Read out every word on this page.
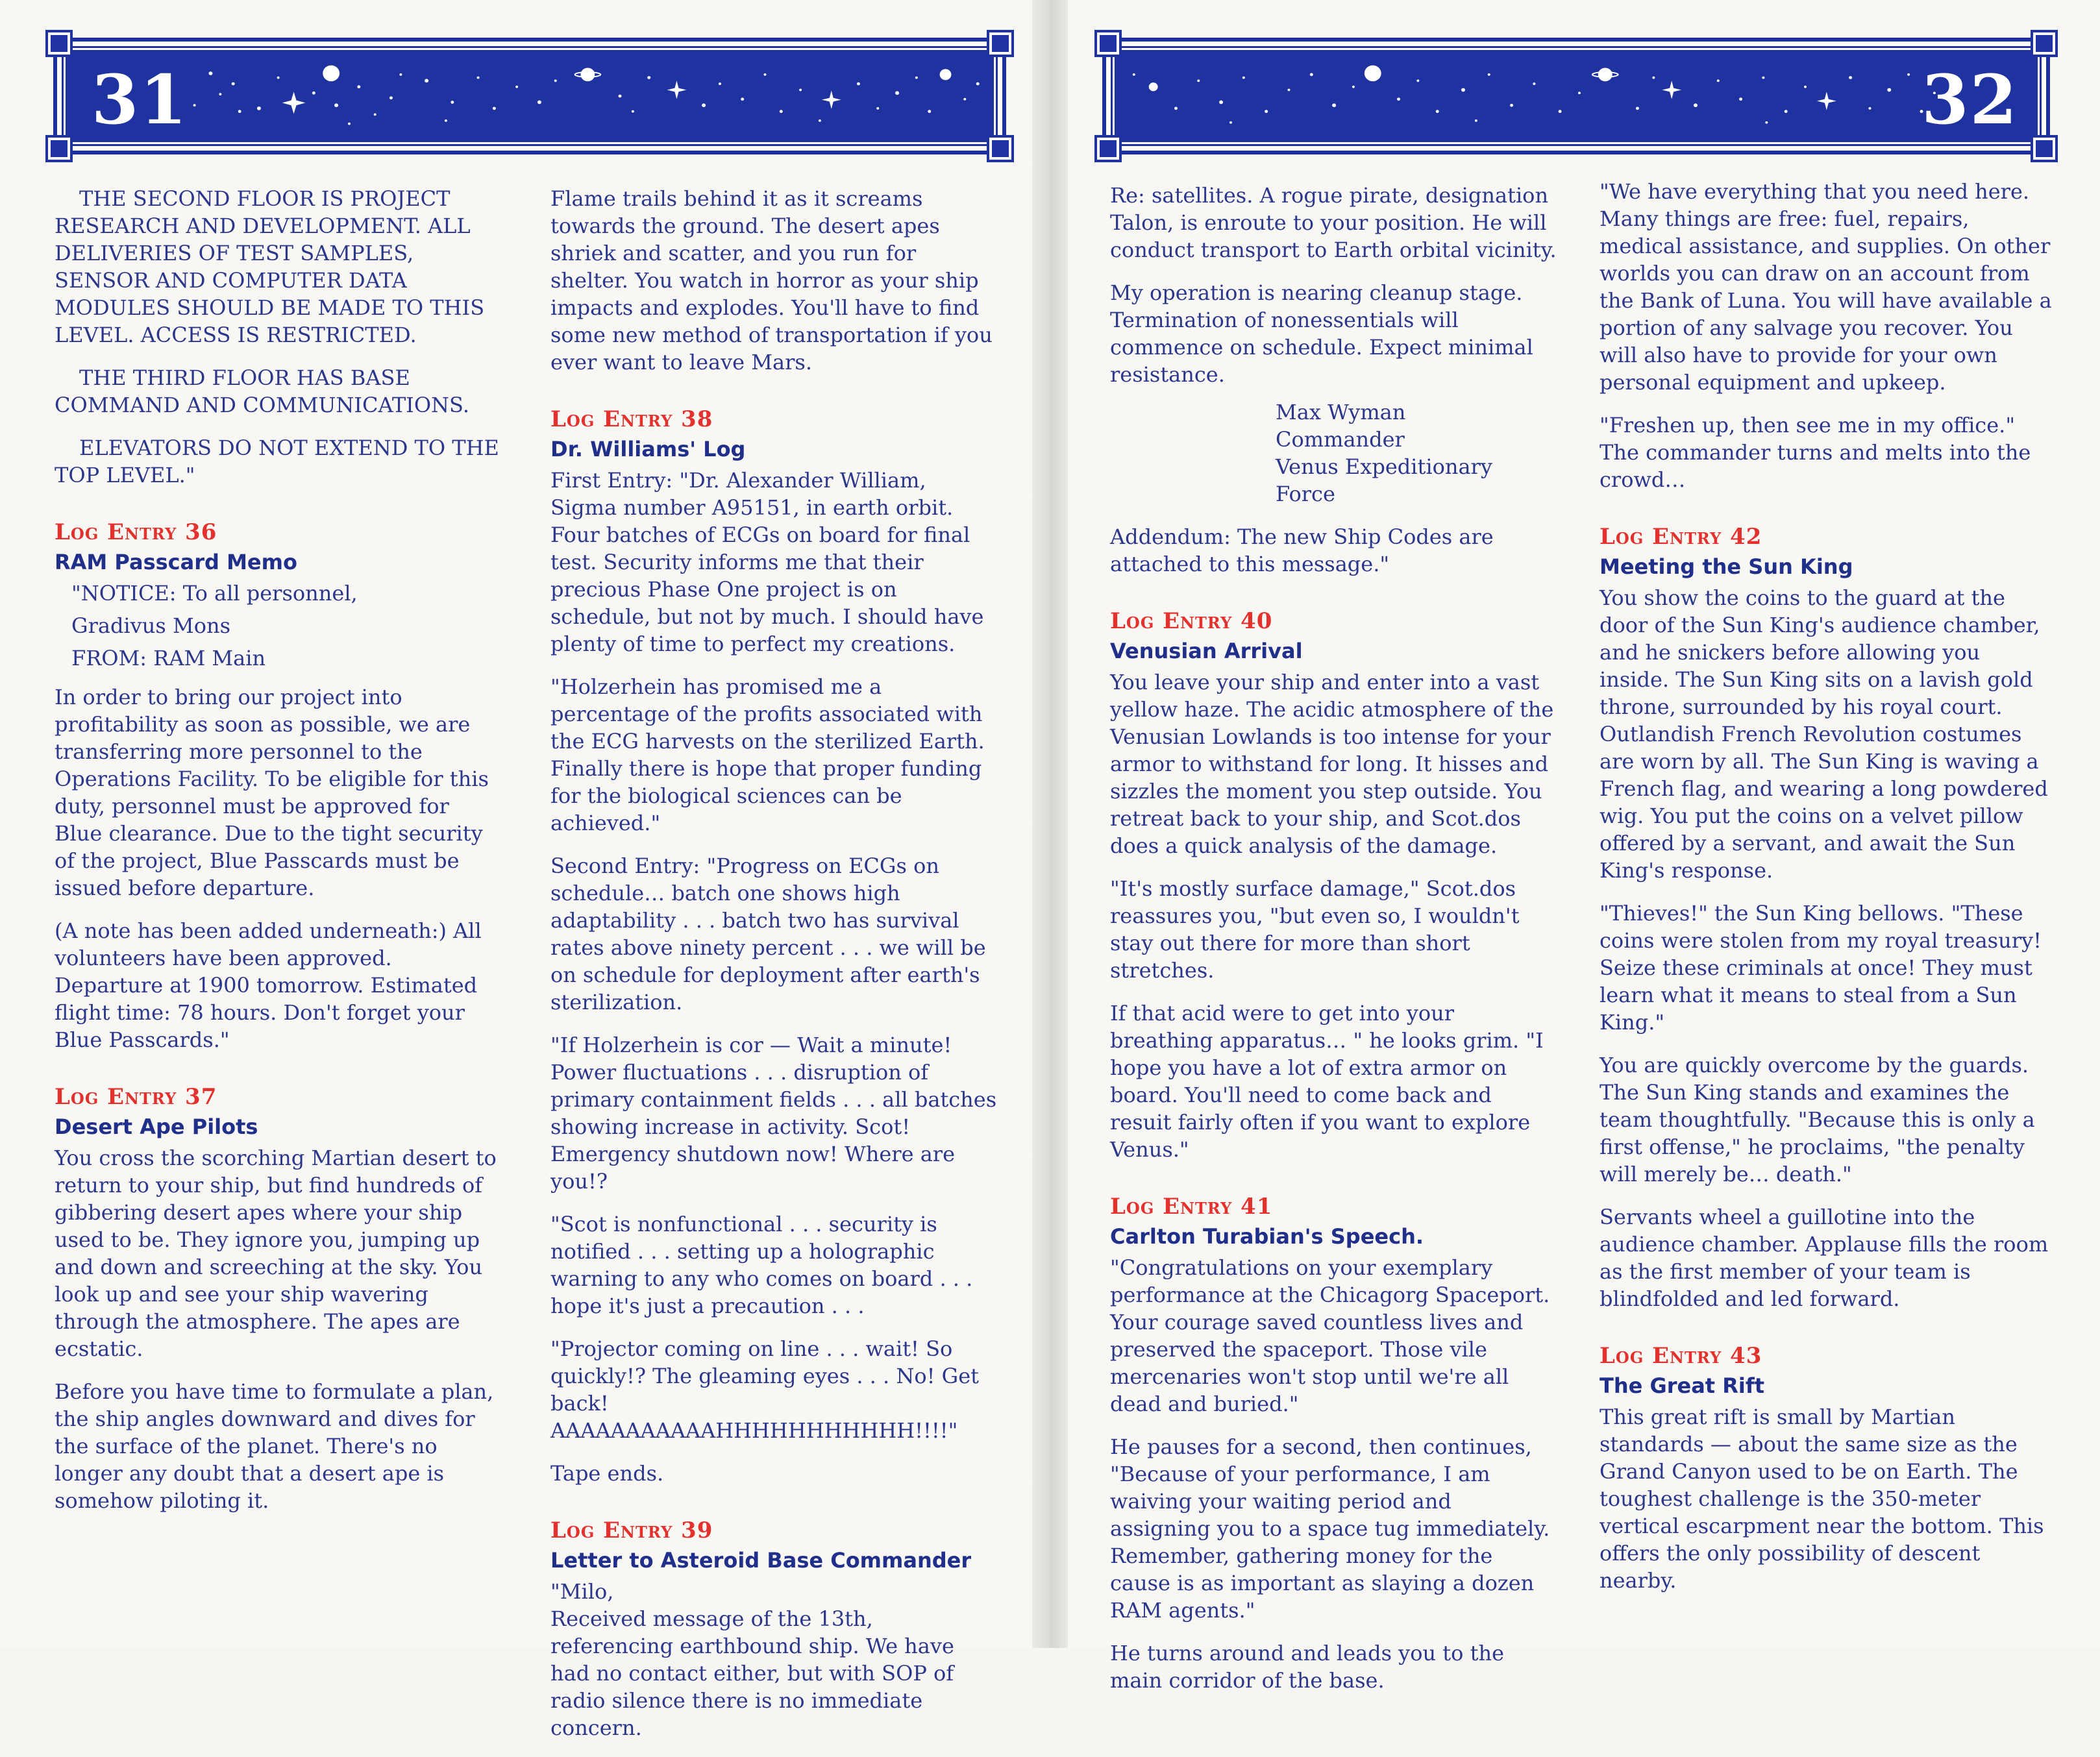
31

THE SECOND FLOOR IS PROJECT RESEARCH AND DEVELOPMENT. ALL DELIVERIES OF TEST SAMPLES, SENSOR AND COMPUTER DATA MODULES SHOULD BE MADE TO THIS LEVEL. ACCESS IS RESTRICTED.

THE THIRD FLOOR HAS BASE COMMAND AND COMMUNICATIONS.

ELEVATORS DO NOT EXTEND TO THE TOP LEVEL."

Log Entry 36
RAM Passcard Memo
"NOTICE: To all personnel,
Gradivus Mons
FROM: RAM Main

In order to bring our project into profitability as soon as possible, we are transferring more personnel to the Operations Facility. To be eligible for this duty, personnel must be approved for Blue clearance. Due to the tight security of the project, Blue Passcards must be issued before departure.

(A note has been added underneath:) All volunteers have been approved. Departure at 1900 tomorrow. Estimated flight time: 78 hours. Don't forget your Blue Passcards."

Log Entry 37
Desert Ape Pilots

You cross the scorching Martian desert to return to your ship, but find hundreds of gibbering desert apes where your ship used to be. They ignore you, jumping up and down and screeching at the sky. You look up and see your ship wavering through the atmosphere. The apes are ecstatic.

Before you have time to formulate a plan, the ship angles downward and dives for the surface of the planet. There's no longer any doubt that a desert ape is somehow piloting it.

Flame trails behind it as it screams towards the ground. The desert apes shriek and scatter, and you run for shelter. You watch in horror as your ship impacts and explodes. You'll have to find some new method of transportation if you ever want to leave Mars.

Log Entry 38
Dr. Williams' Log

First Entry: "Dr. Alexander William, Sigma number A95151, in earth orbit. Four batches of ECGs on board for final test. Security informs me that their precious Phase One project is on schedule, but not by much. I should have plenty of time to perfect my creations.

"Holzerhein has promised me a percentage of the profits associated with the ECG harvests on the sterilized Earth. Finally there is hope that proper funding for the biological sciences can be achieved."

Second Entry: "Progress on ECGs on schedule… batch one shows high adaptability . . . batch two has survival rates above ninety percent . . . we will be on schedule for deployment after earth's sterilization.

"If Holzerhein is cor — Wait a minute! Power fluctuations . . . disruption of primary containment fields . . . all batches showing increase in activity. Scot! Emergency shutdown now! Where are you!?

"Scot is nonfunctional . . . security is notified . . . setting up a holographic warning to any who comes on board . . . hope it's just a precaution . . .

"Projector coming on line . . . wait! So quickly!? The gleaming eyes . . . No! Get back! AAAAAAAAAAAHHHHHHHHHHH!!!!"

Tape ends.

Log Entry 39
Letter to Asteroid Base Commander
"Milo,

Received message of the 13th, referencing earthbound ship. We have had no contact either, but with SOP of radio silence there is no immediate concern.

32

Re: satellites. A rogue pirate, designation Talon, is enroute to your position. He will conduct transport to Earth orbital vicinity.

My operation is nearing cleanup stage. Termination of nonessentials will commence on schedule. Expect minimal resistance.

Max Wyman
Commander
Venus Expeditionary Force

Addendum: The new Ship Codes are attached to this message."

Log Entry 40
Venusian Arrival

You leave your ship and enter into a vast yellow haze. The acidic atmosphere of the Venusian Lowlands is too intense for your armor to withstand for long. It hisses and sizzles the moment you step outside. You retreat back to your ship, and Scot.dos does a quick analysis of the damage.

"It's mostly surface damage," Scot.dos reassures you, "but even so, I wouldn't stay out there for more than short stretches.

If that acid were to get into your breathing apparatus… " he looks grim. "I hope you have a lot of extra armor on board. You'll need to come back and resuit fairly often if you want to explore Venus."

Log Entry 41
Carlton Turabian's Speech.

"Congratulations on your exemplary performance at the Chicagorg Spaceport. Your courage saved countless lives and preserved the spaceport. Those vile mercenaries won't stop until we're all dead and buried."

He pauses for a second, then continues, "Because of your performance, I am waiving your waiting period and assigning you to a space tug immediately. Remember, gathering money for the cause is as important as slaying a dozen RAM agents."

He turns around and leads you to the main corridor of the base.

"We have everything that you need here. Many things are free: fuel, repairs, medical assistance, and supplies. On other worlds you can draw on an account from the Bank of Luna. You will have available a portion of any salvage you recover. You will also have to provide for your own personal equipment and upkeep.

"Freshen up, then see me in my office." The commander turns and melts into the crowd…

Log Entry 42
Meeting the Sun King

You show the coins to the guard at the door of the Sun King's audience chamber, and he snickers before allowing you inside. The Sun King sits on a lavish gold throne, surrounded by his royal court. Outlandish French Revolution costumes are worn by all. The Sun King is waving a French flag, and wearing a long powdered wig. You put the coins on a velvet pillow offered by a servant, and await the Sun King's response.

"Thieves!" the Sun King bellows. "These coins were stolen from my royal treasury! Seize these criminals at once! They must learn what it means to steal from a Sun King."

You are quickly overcome by the guards. The Sun King stands and examines the team thoughtfully. "Because this is only a first offense," he proclaims, "the penalty will merely be… death."

Servants wheel a guillotine into the audience chamber. Applause fills the room as the first member of your team is blindfolded and led forward.

Log Entry 43
The Great Rift

This great rift is small by Martian standards — about the same size as the Grand Canyon used to be on Earth. The toughest challenge is the 350-meter vertical escarpment near the bottom. This offers the only possibility of descent nearby.
